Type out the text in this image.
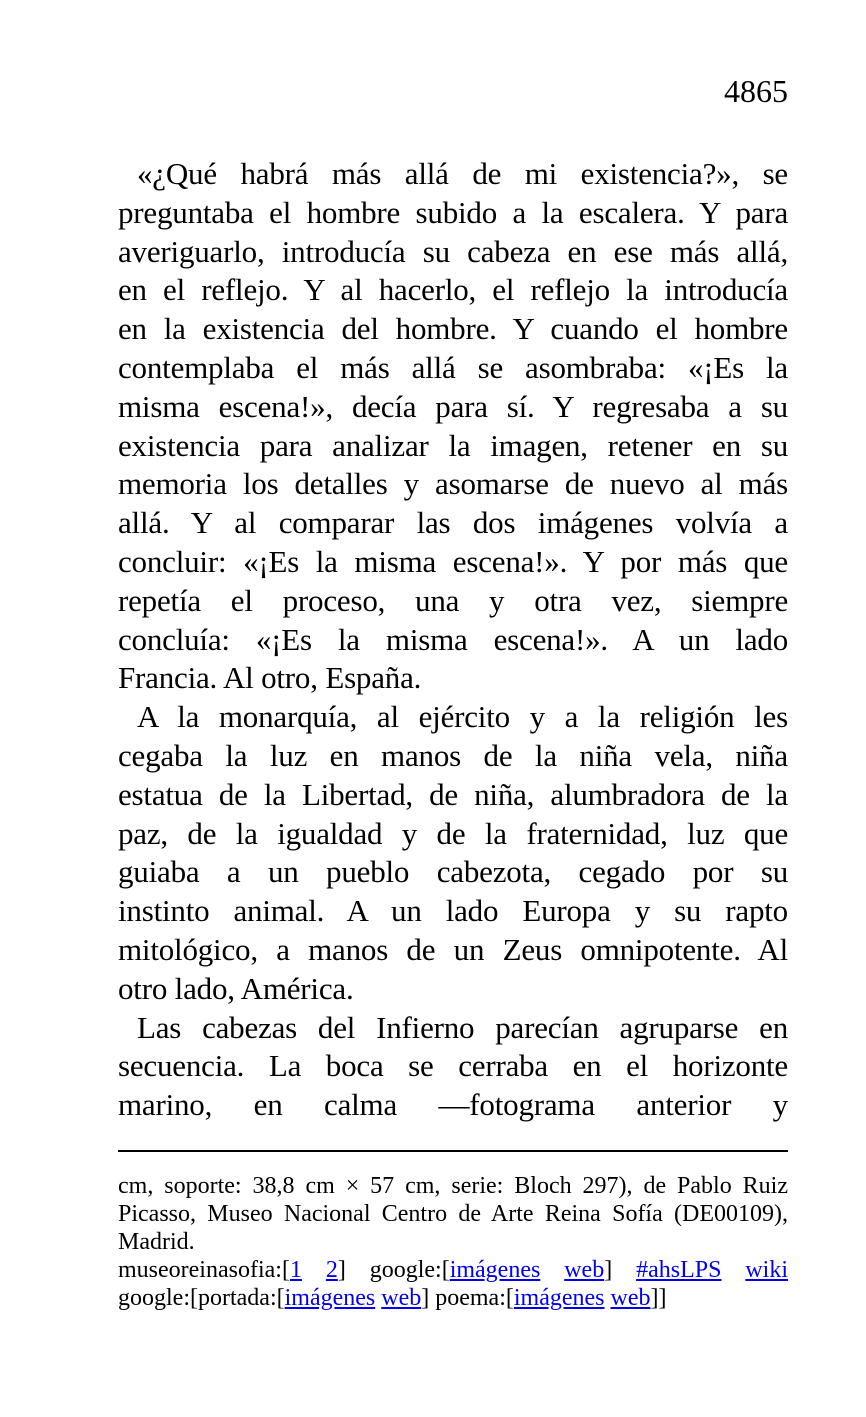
4865
«¿Qué habrá más allá de mi existencia?», se
preguntaba el hombre subido a la escalera. Y para
averiguarlo, introducía su cabeza en ese más allá,
en el reflejo. Y al hacerlo, el reflejo la introducía
en la existencia del hombre. Y cuando el hombre
contemplaba el más allá se asombraba: «¡Es la
misma escena!», decía para sí. Y regresaba a su
existencia para analizar la imagen, retener en su
memoria los detalles y asomarse de nuevo al más
allá. Y al comparar las dos imágenes volvía a
concluir: «¡Es la misma escena!». Y por más que
repetía el proceso, una y otra vez, siempre
concluía: «¡Es la misma escena!». A un lado
Francia. Al otro, España.
A la monarquía, al ejército y a la religión les
cegaba la luz en manos de la niña vela, niña
estatua de la Libertad, de niña, alumbradora de la
paz, de la igualdad y de la fraternidad, luz que
guiaba a un pueblo cabezota, cegado por su
instinto animal. A un lado Europa y su rapto
mitológico, a manos de un Zeus omnipotente. Al
otro lado, América.
Las cabezas del Infierno parecían agruparse en
secuencia. La boca se cerraba en el horizonte
marino, en calma —fotograma anterior y
cm, soporte: 38,8 cm × 57 cm, serie: Bloch 297), de Pablo Ruiz
Picasso, Museo Nacional Centro de Arte Reina Sofía (DE00109),
Madrid.
museoreinasofia:[1 2] google:[imágenes web] #ahsLPS wiki
google:[portada:[imágenes web] poema:[imágenes web]]
